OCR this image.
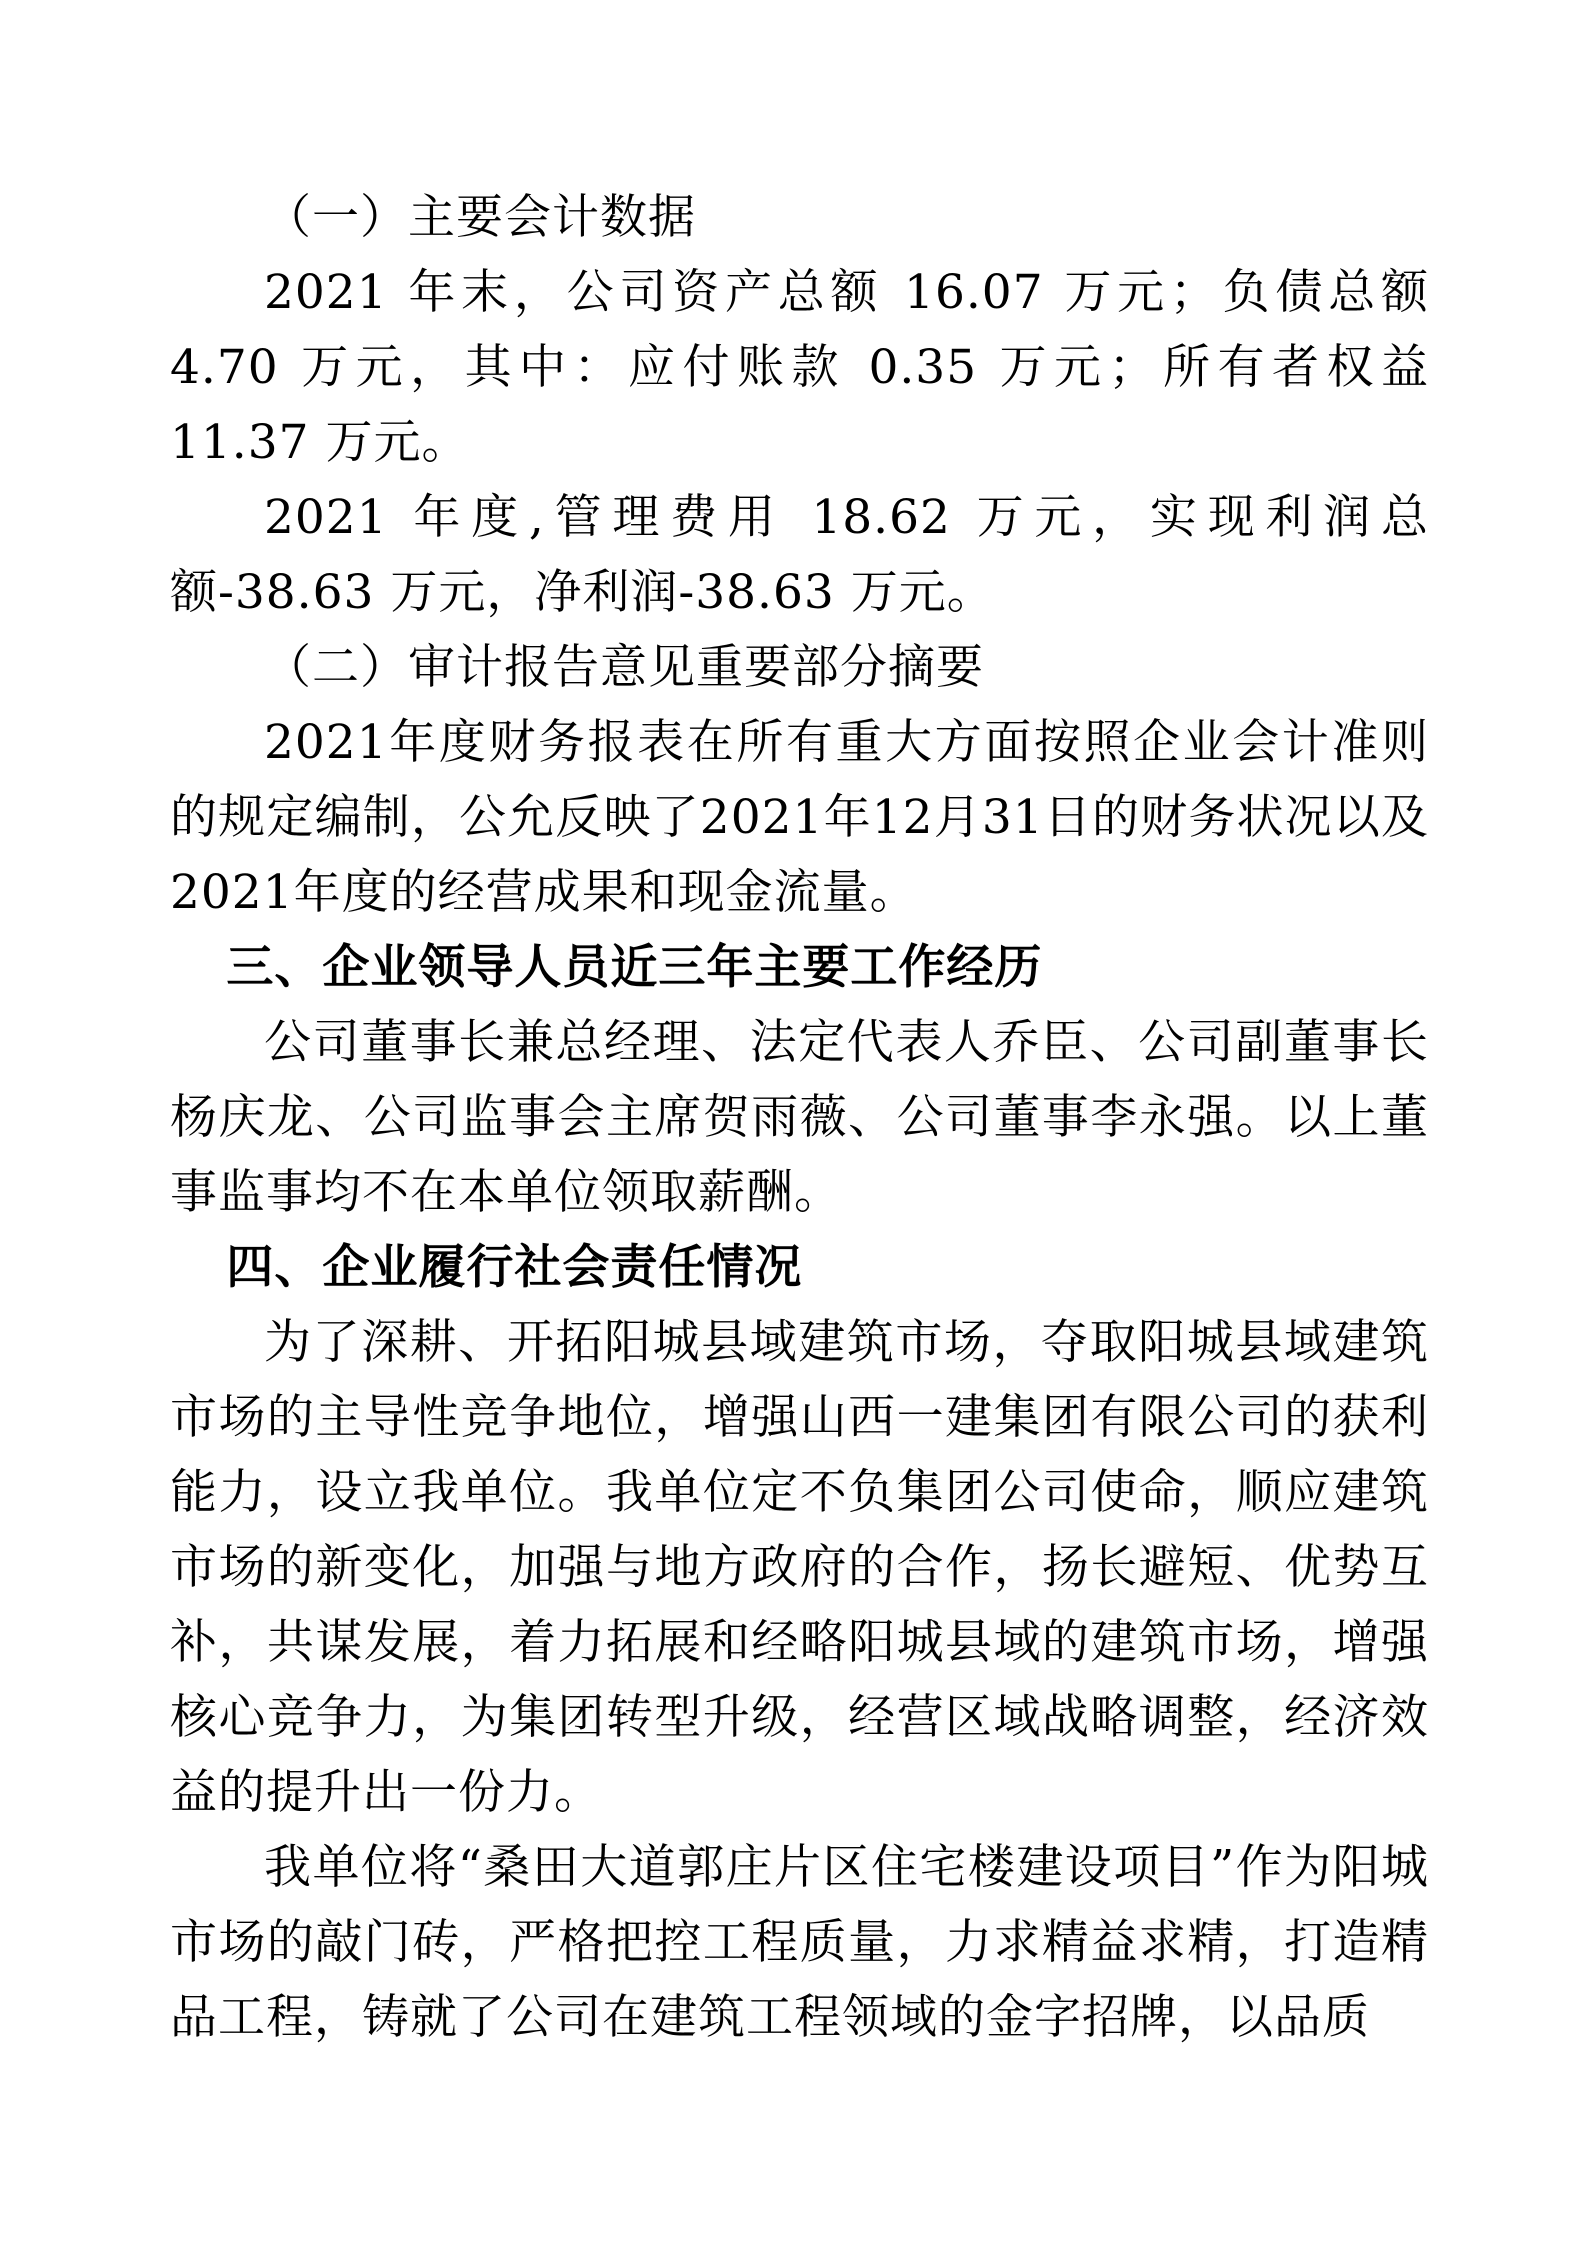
（一）主要会计数据

2021 年末，公司资产总额 16.07 万元；负债总额 4.70 万元，其中：应付账款 0.35 万元；所有者权益 11.37 万元。

2021 年度,管理费用 18.62 万元，实现利润总额-38.63 万元，净利润-38.63 万元。

（二）审计报告意见重要部分摘要

2021年度财务报表在所有重大方面按照企业会计准则的规定编制，公允反映了2021年12月31日的财务状况以及2021年度的经营成果和现金流量。

三、企业领导人员近三年主要工作经历

公司董事长兼总经理、法定代表人乔臣、公司副董事长杨庆龙、公司监事会主席贺雨薇、公司董事李永强。以上董事监事均不在本单位领取薪酬。

四、企业履行社会责任情况

为了深耕、开拓阳城县域建筑市场，夺取阳城县域建筑市场的主导性竞争地位，增强山西一建集团有限公司的获利能力，设立我单位。我单位定不负集团公司使命，顺应建筑市场的新变化，加强与地方政府的合作，扬长避短、优势互补，共谋发展，着力拓展和经略阳城县域的建筑市场，增强核心竞争力，为集团转型升级，经营区域战略调整，经济效益的提升出一份力。

我单位将“桑田大道郭庄片区住宅楼建设项目”作为阳城市场的敲门砖，严格把控工程质量，力求精益求精，打造精品工程，铸就了公司在建筑工程领域的金字招牌，以品质
